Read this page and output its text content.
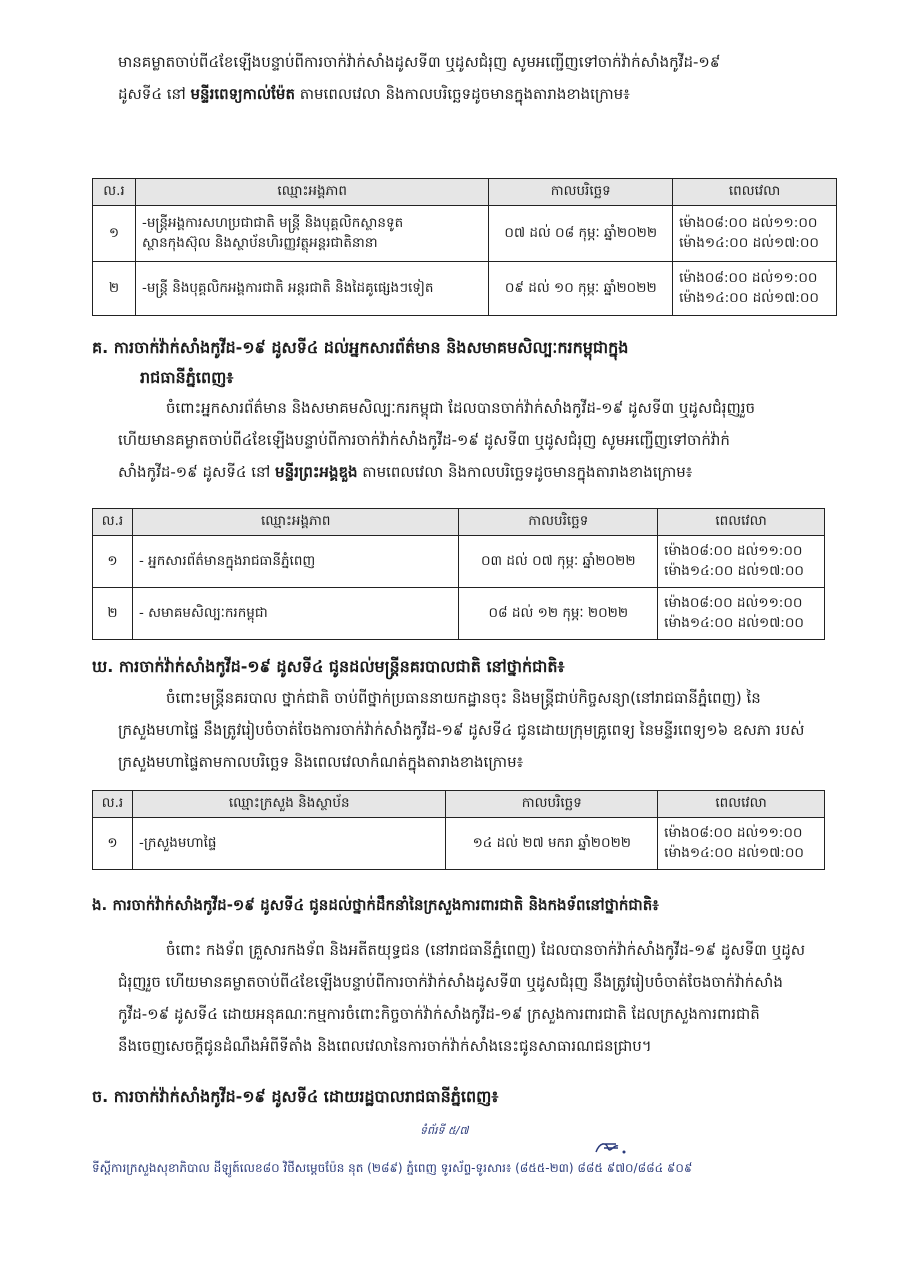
មានគម្លាតចាប់ពី៤ខែឡើងបន្ទាប់ពីការចាក់វ៉ាក់សាំងដូសទី៣ ឬដូសជំរុញ សូមអញ្ជើញទៅចាក់វ៉ាក់សាំងកូវីដ-១៩
ដូសទី៤ នៅ មន្ទីរពេទ្យកាល់ម៉ែត តាមពេលវេលា និងកាលបរិច្ឆេទដូចមានក្នុងតារាងខាងក្រោម៖

ល.រ	ឈ្មោះអង្គភាព	កាលបរិច្ឆេទ	ពេលវេលា
១	-មន្ត្រីអង្គការសហប្រជាជាតិ មន្ត្រី និងបុគ្គលិកស្ថានទូត
ស្ថានកុងស៊ុល និងស្ថាប័នហិរញ្ញវត្ថុអន្តរជាតិនានា	០៧ ដល់ ០៨ កុម្ភៈ ឆ្នាំ២០២២	ម៉ោង០៨:០០ ដល់១១:០០
ម៉ោង១៤:០០ ដល់១៧:០០

២	-មន្ត្រី និងបុគ្គលិកអង្គការជាតិ អន្តរជាតិ និងដៃគូផ្សេងៗទៀត	០៩ ដល់ ១០ កុម្ភៈ ឆ្នាំ២០២២	ម៉ោង០៨:០០ ដល់១១:០០
ម៉ោង១៤:០០ ដល់១៧:០០
គ. ការចាក់វ៉ាក់សាំងកូវីដ-១៩ ដូសទី៤ ដល់អ្នកសារព័ត៌មាន និងសមាគមសិល្បៈករកម្ពុជាក្នុង
រាជធានីភ្នំពេញ៖

ចំពោះអ្នកសារព័ត៌មាន និងសមាគមសិល្បៈករកម្ពុជា ដែលបានចាក់វ៉ាក់សាំងកូវីដ-១៩ ដូសទី៣ ឬដូសជំរុញរួច
ហើយមានគម្លាតចាប់ពី៤ខែឡើងបន្ទាប់ពីការចាក់វ៉ាក់សាំងកូវីដ-១៩ ដូសទី៣ ឬដូសជំរុញ សូមអញ្ជើញទៅចាក់វ៉ាក់
សាំងកូវីដ-១៩ ដូសទី៤ នៅ មន្ទីរព្រះអង្គឌួង តាមពេលវេលា និងកាលបរិច្ឆេទដូចមានក្នុងតារាងខាងក្រោម៖

ល.រ	ឈ្មោះអង្គភាព	កាលបរិច្ឆេទ	ពេលវេលា
១	- អ្នកសារព័ត៌មានក្នុងរាជធានីភ្នំពេញ	០៣ ដល់ ០៧ កុម្ភៈ ឆ្នាំ២០២២	ម៉ោង០៨:០០ ដល់១១:០០
ម៉ោង១៤:០០ ដល់១៧:០០

២	- សមាគមសិល្បៈករកម្ពុជា	០៨ ដល់ ១២ កុម្ភៈ ២០២២	ម៉ោង០៨:០០ ដល់១១:០០
ម៉ោង១៤:០០ ដល់១៧:០០
ឃ. ការចាក់វ៉ាក់សាំងកូវីដ-១៩ ដូសទី៤ ជូនដល់មន្ត្រីនគរបាលជាតិ នៅថ្នាក់ជាតិ៖

ចំពោះមន្ត្រីនគរបាល ថ្នាក់ជាតិ ចាប់ពីថ្នាក់ប្រធាននាយកដ្ឋានចុះ និងមន្ត្រីជាប់កិច្ចសន្យា(នៅរាជធានីភ្នំពេញ) នៃ
ក្រសួងមហាផ្ទៃ នឹងត្រូវរៀបចំចាត់ចែងការចាក់វ៉ាក់សាំងកូវីដ-១៩ ដូសទី៤ ជូនដោយក្រុមគ្រូពេទ្យ នៃមន្ទីរពេទ្យ១៦ ឧសភា របស់
ក្រសួងមហាផ្ទៃតាមកាលបរិច្ឆេទ និងពេលវេលាកំណត់ក្នុងតារាងខាងក្រោម៖

ល.រ	ឈ្មោះក្រសួង និងស្ថាប័ន	កាលបរិច្ឆេទ	ពេលវេលា
១	-ក្រសួងមហាផ្ទៃ	១៤ ដល់ ២៧ មករា ឆ្នាំ២០២២	ម៉ោង០៨:០០ ដល់១១:០០
ម៉ោង១៤:០០ ដល់១៧:០០
ង. ការចាក់វ៉ាក់សាំងកូវីដ-១៩ ដូសទី៤ ជូនដល់ថ្នាក់ដឹកនាំនៃក្រសួងការពារជាតិ និងកងទ័ពនៅថ្នាក់ជាតិ៖

ចំពោះ កងទ័ព គ្រួសារកងទ័ព និងអតីតយុទ្ធជន (នៅរាជធានីភ្នំពេញ) ដែលបានចាក់វ៉ាក់សាំងកូវីដ-១៩ ដូសទី៣ ឬដូស
ជំរុញរួច ហើយមានគម្លាតចាប់ពី៤ខែឡើងបន្ទាប់ពីការចាក់វ៉ាក់សាំងដូសទី៣ ឬដូសជំរុញ នឹងត្រូវរៀបចំចាត់ចែងចាក់វ៉ាក់សាំង
កូវីដ-១៩ ដូសទី៤ ដោយអនុគណៈកម្មការចំពោះកិច្ចចាក់វ៉ាក់សាំងកូវីដ-១៩ ក្រសួងការពារជាតិ ដែលក្រសួងការពារជាតិ
នឹងចេញសេចក្តីជូនដំណឹងអំពីទីតាំង និងពេលវេលានៃការចាក់វ៉ាក់សាំងនេះជូនសាធារណជនជ្រាប។

ច. ការចាក់វ៉ាក់សាំងកូវីដ-១៩ ដូសទី៤ ដោយរដ្ឋបាលរាជធានីភ្នំពេញ៖
ទំព័រទី ៥/៧
ទីស្តីការក្រសួងសុខាភិបាល ដីឡូត៍លេខ៨០ វិថីសម្តេចប៉ែន នុត (២៨៩) ភ្នំពេញ ទូរស័ព្ទ-ទូរសារ៖ (៨៥៥-២៣) ៨៨៥ ៩៧០/៨៨៤ ៩០៩
